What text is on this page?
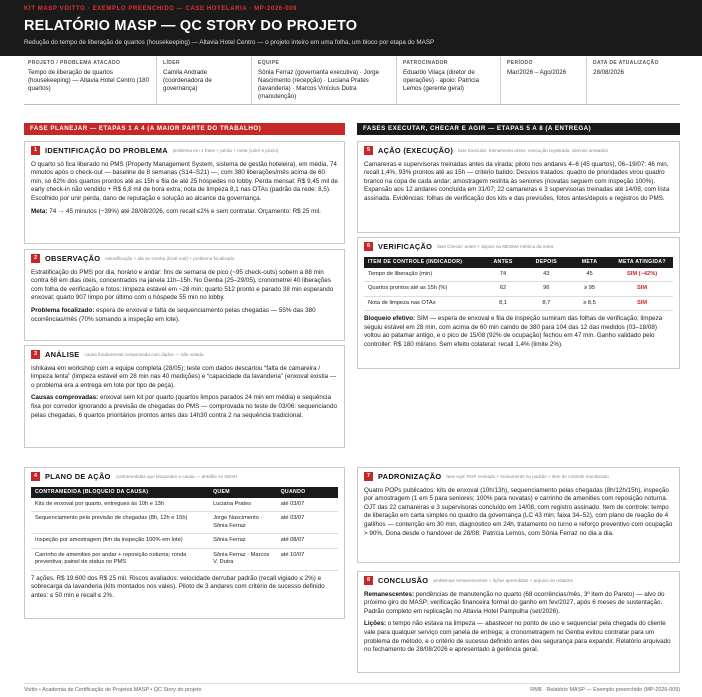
KIT MASP VOITTO · EXEMPLO PREENCHIDO — CASE HOTELARIA · MP-2026-009
RELATÓRIO MASP — QC STORY DO PROJETO
Redução do tempo de liberação de quartos (housekeeping) — Altavia Hotel Centro — o projeto inteiro em uma folha, um bloco por etapa do MASP
PROJETO / PROBLEMA ATACADO
Tempo de liberação de quartos (housekeeping) — Altavia Hotel Centro (180 quartos)
LÍDER
Camila Andrade (coordenadora de governança)
EQUIPE
Sônia Ferraz (governanta executiva) · Jorge Nascimento (recepção) · Luciana Prates (lavanderia) · Marcos Vinícius Dutra (manutenção)
PATROCINADOR
Eduardo Vilaça (diretor de operações) · apoio: Patrícia Lemos (gerente geral)
PERÍODO
Mar/2026 – Ago/2026
DATA DE ATUALIZAÇÃO
28/08/2026
FASE PLANEJAR — ETAPAS 1 A 4 (A MAIOR PARTE DO TRABALHO)	FASES EXECUTAR, CHECAR E AGIR — ETAPAS 5 A 8 (A ENTREGA)
1	IDENTIFICAÇÃO DO PROBLEMA problema em 1 frase + perda + meta (valor e prazo)

O quarto só fica liberado no PMS (Property Management System, sistema de gestão hoteleira), em média, 74 minutos após o check-out — baseline de 8 semanas (S14–S21) —, com 380 liberações/mês acima de 60 min, só 62% dos quartos prontos até as 15h e fila de até 25 hóspedes no lobby. Perda mensal: R$ 9,45 mil de early check-in não vendido + R$ 6,8 mil de hora extra; nota de limpeza 8,1 nas OTAs (padrão da rede: 8,5). Escolhido por unir perda, dano de reputação e solução ao alcance da governança.

Meta: 74 → 45 minutos (−39%) até 28/08/2026, com recall ≤2% e sem contratar. Orçamento: R$ 25 mil.

2	OBSERVAÇÃO estratificação + ida ao Genba (local real) + problema focalizado

Estratificação do PMS por dia, horário e andar: fins de semana de pico (~95 check-outs) sobem a 88 min contra 68 em dias úteis, concentrados na janela 11h–15h. No Genba (25–29/05), cronometrei 40 liberações com folha de verificação e fotos: limpeza estável em ~28 min; quarto 512 pronto e parado 38 min esperando enxoval; quarto 907 limpo por último com o hóspede 55 min no lobby.

Problema focalizado: espera de enxoval e falta de sequenciamento pelas chegadas — 55% das 380 ocorrências/mês (70% somando a inspeção em lote).

3	ANÁLISE causa fundamental comprovada com dados — não votada

Ishikawa em workshop com a equipe completa (28/05); teste com dados descartou “falta de camareira / limpeza lenta” (limpeza estável em 28 min nas 40 medições) e “capacidade da lavanderia” (enxoval existia — o problema era a entrega em lote por tipo de peça).

Causas comprovadas: enxoval sem kit por quarto (quartos limpos parados 24 min em média) e sequência fixa por corredor ignorando a previsão de chegadas do PMS — comprovada no teste de 03/06: sequenciando pelas chegadas, 6 quartos prioritários prontos antes das 14h30 contra 2 na sequência tradicional.

4	PLANO DE AÇÃO contramedidas que bloqueiam a causa — detalhe no 5W2H
CONTRAMEDIDA (BLOQUEIO DA CAUSA)	QUEM	QUANDO
Kits de enxoval por quarto, entregues às 10h e 13h	Luciana Prates	até 03/07
Sequenciamento pela previsão de chegadas (8h, 12h e 15h)	Jorge Nascimento · Sônia Ferraz	até 03/07
Inspeção por amostragem (fim da inspeção 100% em lote)	Sônia Ferraz	até 08/07
Carrinho de amenities por andar + reposição noturna; ronda preventiva; painel de status no PMS	Sônia Ferraz · Marcos V. Dutra	até 10/07

7 ações, R$ 19.600 dos R$ 25 mil. Riscos avaliados: velocidade derrubar padrão (recall vigiado ≤ 2%) e sobrecarga da lavanderia (kits montados nos vales). Piloto de 3 andares com critério de sucesso definido antes: ≤ 50 min e recall ≤ 2%.

5	AÇÃO (EXECUÇÃO) fase Executar: treinamento antes, execução registrada, desvios anotados

Camareiras e supervisoras treinadas antes da virada; piloto nos andares 4–6 (45 quartos), 06–19/07: 46 min, recall 1,4%, 93% prontos até as 15h — critério batido. Desvios tratados: quadro de prioridades virou quadro branco na copa de cada andar; amostragem restrita às seniores (novatas seguem com inspeção 100%). Expansão aos 12 andares concluída em 31/07; 22 camareiras e 3 supervisoras treinadas até 14/08, com lista assinada. Evidências: folhas de verificação dos kits e das previsões, fotos antes/depois e registros do PMS.

6	VERIFICAÇÃO fase Checar: antes × depois na MESMA métrica da meta
ITEM DE CONTROLE (INDICADOR)	ANTES	DEPOIS	META	META ATINGIDA?
Tempo de liberação (min)	74	43	45	SIM (−42%)
Quartos prontos até as 15h (%)	62	96	≥ 95	SIM
Nota de limpeza nas OTAs	8,1	8,7	≥ 8,5	SIM

Bloqueio efetivo: SIM — espera de enxoval e fila de inspeção sumiram das folhas de verificação; limpeza seguiu estável em 28 min, com acima de 60 min caindo de 380 para 104 das 12 das medidos (03–18/08) voltou ao patamar antigo, e o pico de 15/08 (92% de ocupação) fechou em 47 min. Ganho validado pelo controller: R$ 180 mil/ano. Sem efeito colateral: recall 1,4% (limite 2%).

7	PADRONIZAÇÃO fase Agir: POP revisado + treinamento no padrão + item de controle monitorado

Quatro POPs publicados: kits de enxoval (10h/13h), sequenciamento pelas chegadas (8h/12h/15h), inspeção por amostragem (1 em 5 para seniores; 100% para novatas) e carrinho de amenities com reposição noturna. OJT das 22 camareiras e 3 supervisoras concluído em 14/08, com registro assinado. Item de controle: tempo de liberação em carta simples no quadro da governança (LC 43 min; faixa 34–52), com plano de reação de 4 gatilhos — contenção em 30 min, diagnóstico em 24h, tratamento no turno e reforço preventivo com ocupação > 90%. Dona desde o handover de 28/08: Patrícia Lemos, com Sônia Ferraz no dia a dia.

8	CONCLUSÃO problemas remanescentes + lições aprendidas + arquivo do relatório

Remanescentes: pendências de manutenção no quarto (68 ocorrências/mês, 3º item do Pareto) — alvo do próximo giro do MASP; verificação financeira formal do ganho em fev/2027, após 6 meses de sustentação. Padrão completo em replicação no Altavia Hotel Pampulha (set/2026).

Lições: o tempo não estava na limpeza — abastecer no ponto de uso e sequenciar pela chegada do cliente vale para qualquer serviço com janela de entrega; a cronometragem no Genba evitou contratar para um problema de método, e o critério de sucesso definido antes deu segurança para expandir. Relatório arquivado no fechamento de 28/08/2026 e apresentado à gerência geral.

Voitto • Academia de Certificação de Projetos MASP • QC Story do projeto	RM8 · Relatório MASP — Exemplo preenchido (MP-2026-009)
